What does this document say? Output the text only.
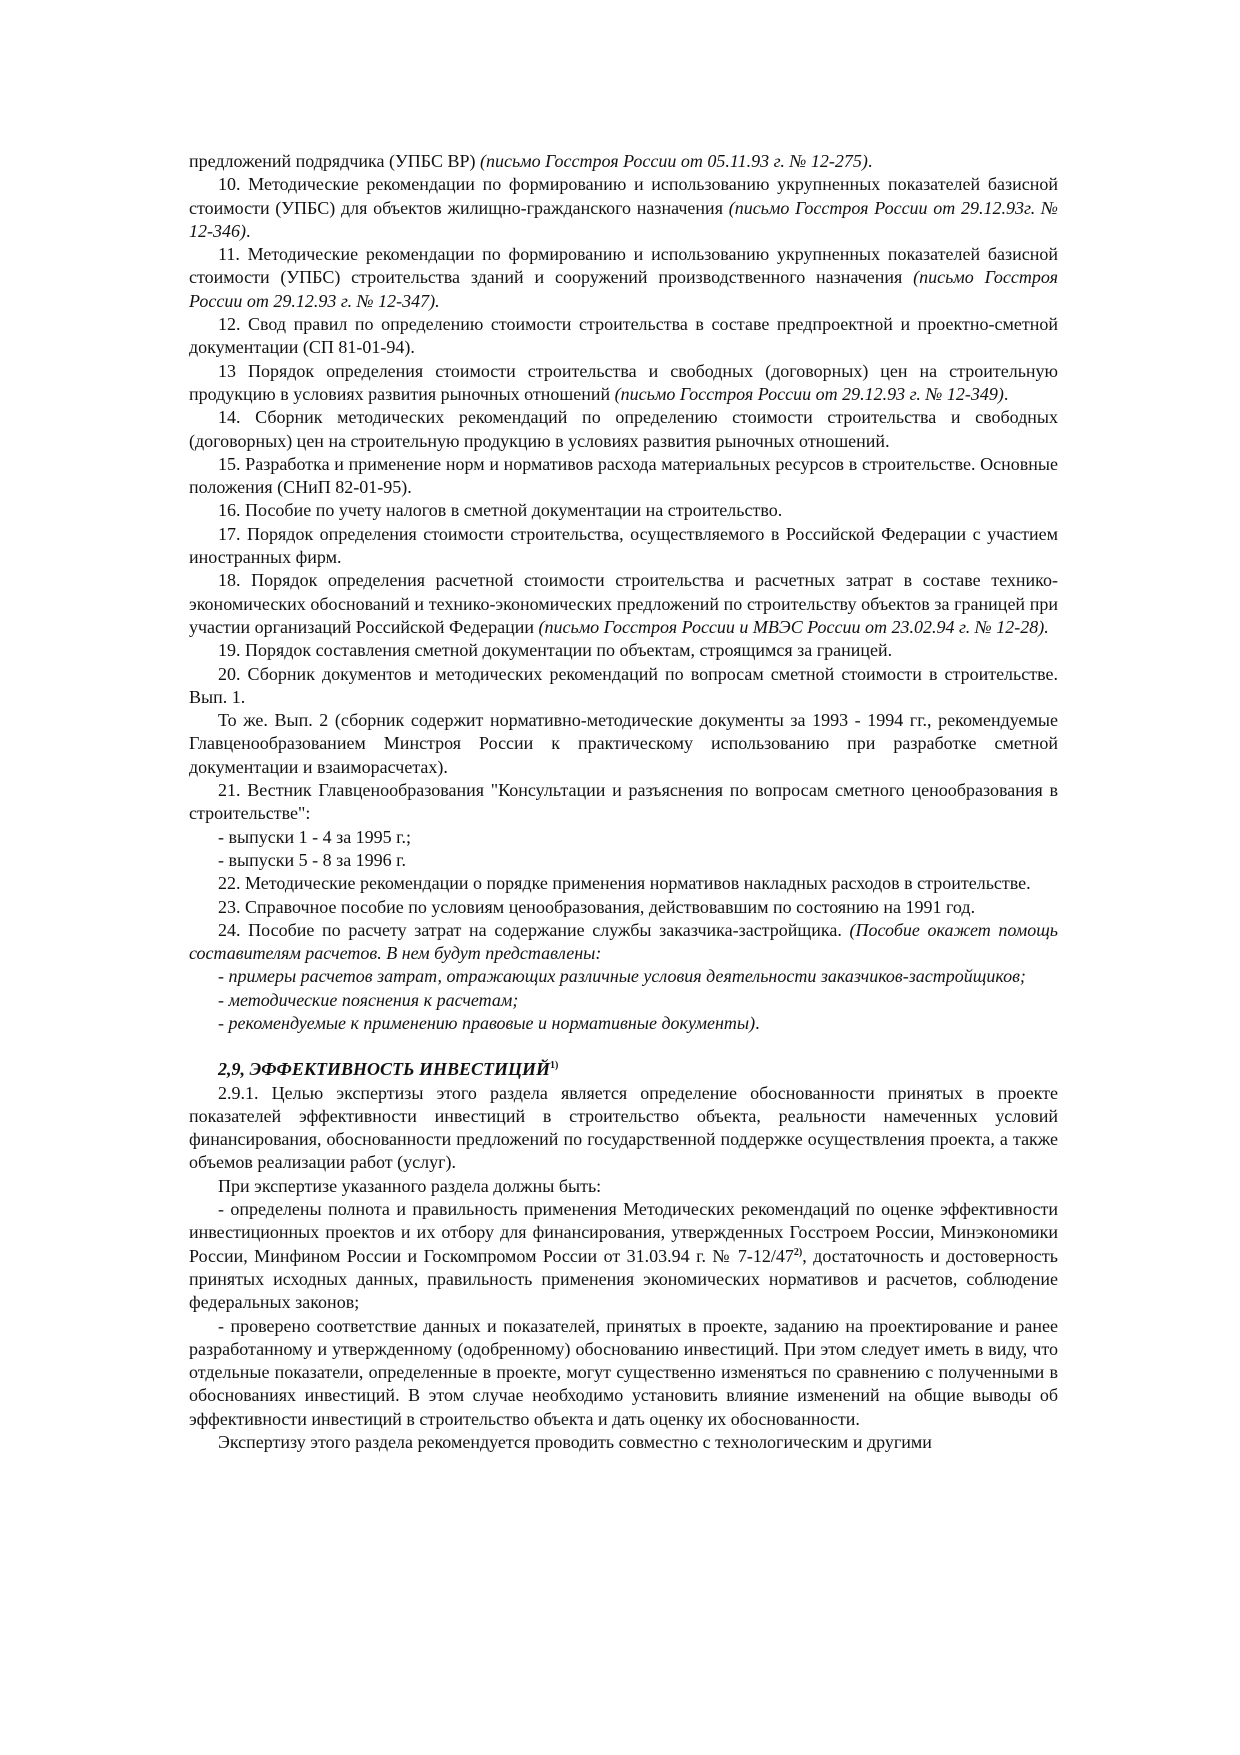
предложений подрядчика (УПБС ВР) (письмо Госстроя России от 05.11.93 г. № 12-275).

10. Методические рекомендации по формированию и использованию укрупненных показателей базисной стоимости (УПБС) для объектов жилищно-гражданского назначения (письмо Госстроя России от 29.12.93г. № 12-346).

11. Методические рекомендации по формированию и использованию укрупненных показателей базисной стоимости (УПБС) строительства зданий и сооружений производственного назначения (письмо Госстроя России от 29.12.93 г. № 12-347).

12. Свод правил по определению стоимости строительства в составе предпроектной и проектно-сметной документации (СП 81-01-94).

13 Порядок определения стоимости строительства и свободных (договорных) цен на строительную продукцию в условиях развития рыночных отношений (письмо Госстроя России от 29.12.93 г. № 12-349).

14. Сборник методических рекомендаций по определению стоимости строительства и свободных (договорных) цен на строительную продукцию в условиях развития рыночных отношений.

15. Разработка и применение норм и нормативов расхода материальных ресурсов в строительстве. Основные положения (СНиП 82-01-95).

16. Пособие по учету налогов в сметной документации на строительство.

17. Порядок определения стоимости строительства, осуществляемого в Российской Федерации с участием иностранных фирм.

18. Порядок определения расчетной стоимости строительства и расчетных затрат в составе технико-экономических обоснований и технико-экономических предложений по строительству объектов за границей при участии организаций Российской Федерации (письмо Госстроя России и МВЭС России от 23.02.94 г. № 12-28).

19. Порядок составления сметной документации по объектам, строящимся за границей.

20. Сборник документов и методических рекомендаций по вопросам сметной стоимости в строительстве. Вып. 1.

То же. Вып. 2 (сборник содержит нормативно-методические документы за 1993 - 1994 гг., рекомендуемые Главценообразованием Минстроя России к практическому использованию при разработке сметной документации и взаиморасчетах).

21. Вестник Главценообразования "Консультации и разъяснения по вопросам сметного ценообразования в строительстве":

- выпуски 1 - 4 за 1995 г.;

- выпуски 5 - 8 за 1996 г.

22. Методические рекомендации о порядке применения нормативов накладных расходов в строительстве.

23. Справочное пособие по условиям ценообразования, действовавшим по состоянию на 1991 год.

24. Пособие по расчету затрат на содержание службы заказчика-застройщика. (Пособие окажет помощь составителям расчетов. В нем будут представлены:

- примеры расчетов затрат, отражающих различные условия деятельности заказчиков-застройщиков;

- методические пояснения к расчетам;

- рекомендуемые к применению правовые и нормативные документы).

2,9, ЭФФЕКТИВНОСТЬ ИНВЕСТИЦИЙ$^{1)}$

2.9.1. Целью экспертизы этого раздела является определение обоснованности принятых в проекте показателей эффективности инвестиций в строительство объекта, реальности намеченных условий финансирования, обоснованности предложений по государственной поддержке осуществления проекта, а также объемов реализации работ (услуг).

При экспертизе указанного раздела должны быть:

- определены полнота и правильность применения Методических рекомендаций по оценке эффективности инвестиционных проектов и их отбору для финансирования, утвержденных Госстроем России, Минэкономики России, Минфином России и Госкомпромом России от 31.03.94 г. № 7-12/47$^{2)}$, достаточность и достоверность принятых исходных данных, правильность применения экономических нормативов и расчетов, соблюдение федеральных законов;

- проверено соответствие данных и показателей, принятых в проекте, заданию на проектирование и ранее разработанному и утвержденному (одобренному) обоснованию инвестиций. При этом следует иметь в виду, что отдельные показатели, определенные в проекте, могут существенно изменяться по сравнению с полученными в обоснованиях инвестиций. В этом случае необходимо установить влияние изменений на общие выводы об эффективности инвестиций в строительство объекта и дать оценку их обоснованности.

Экспертизу этого раздела рекомендуется проводить совместно с технологическим и другими
